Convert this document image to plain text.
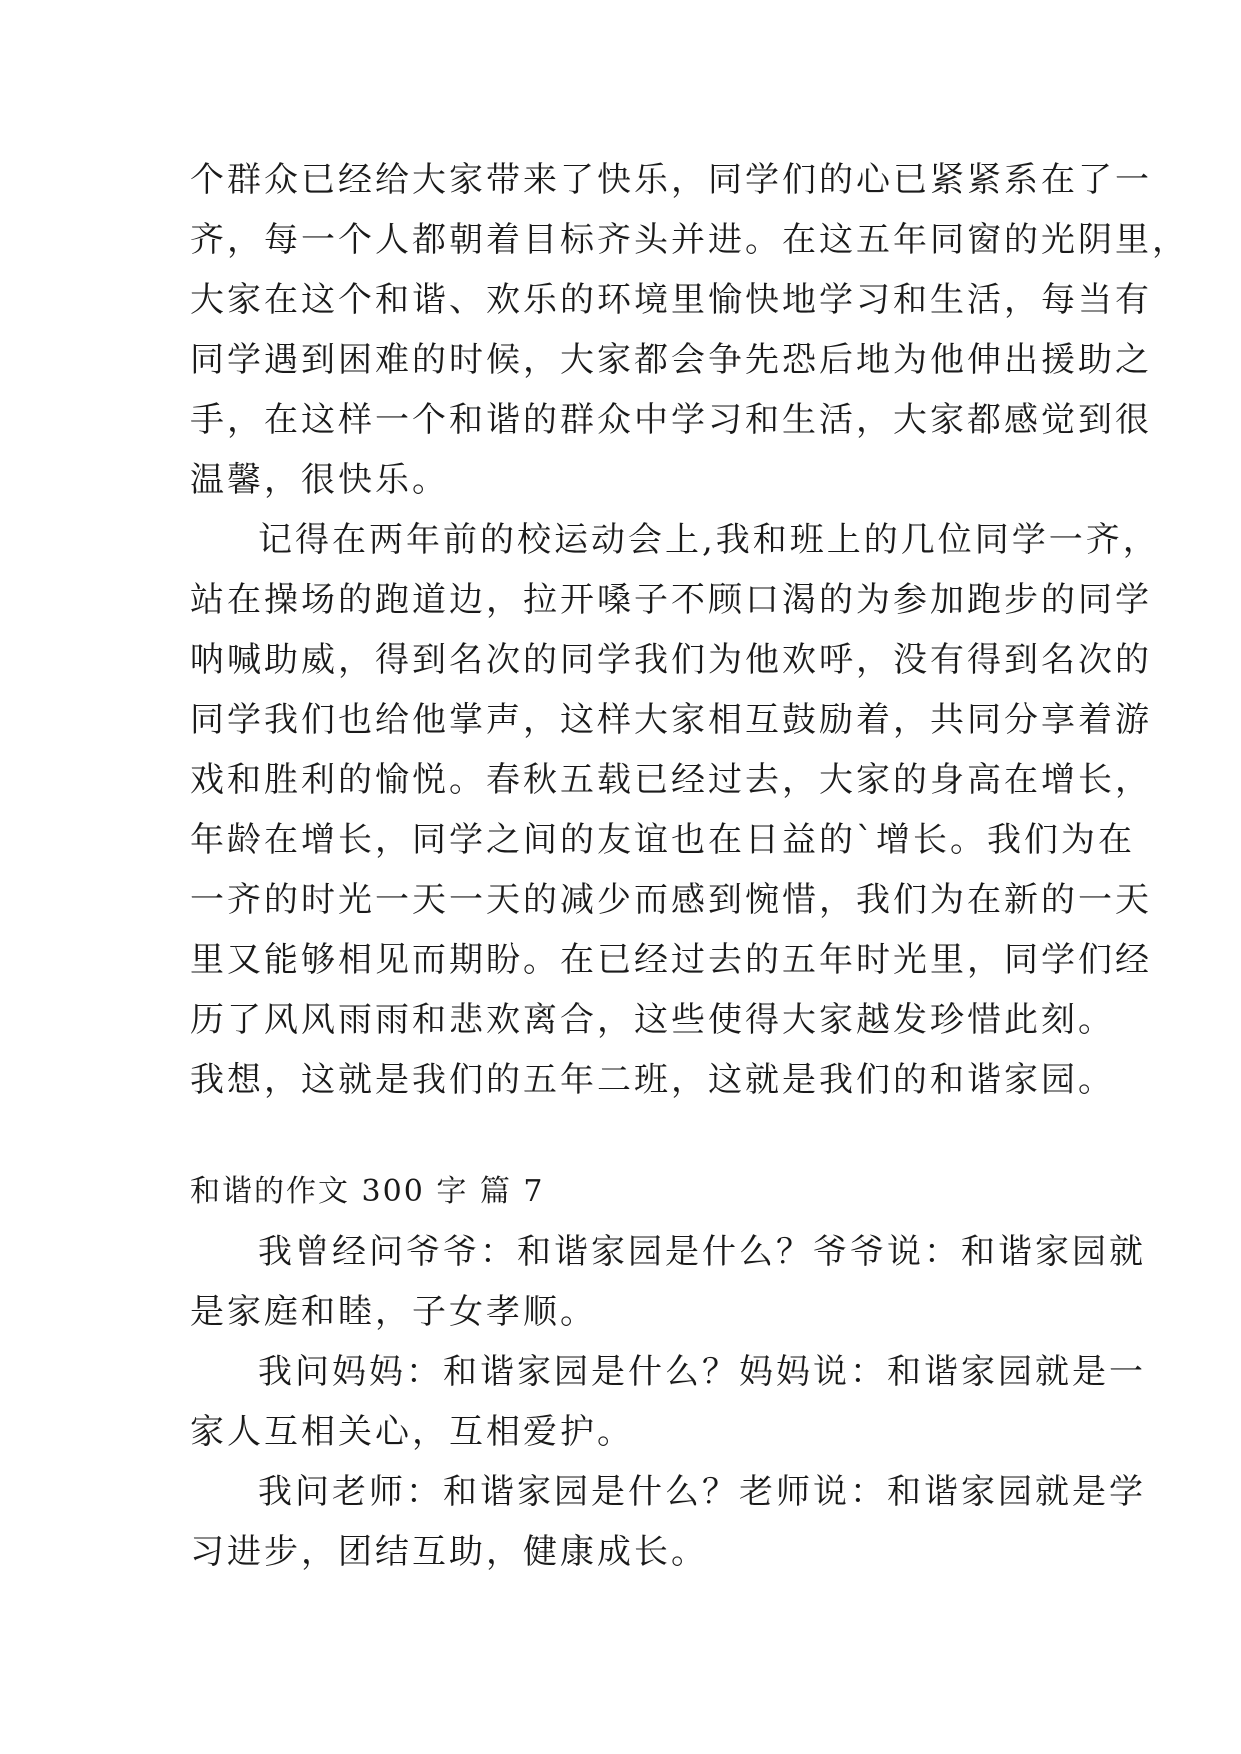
个群众已经给大家带来了快乐，同学们的心已紧紧系在了一
齐，每一个人都朝着目标齐头并进。在这五年同窗的光阴里，
大家在这个和谐、欢乐的环境里愉快地学习和生活，每当有
同学遇到困难的时候，大家都会争先恐后地为他伸出援助之
手，在这样一个和谐的群众中学习和生活，大家都感觉到很
温馨，很快乐。
记得在两年前的校运动会上,我和班上的几位同学一齐，
站在操场的跑道边，拉开嗓子不顾口渴的为参加跑步的同学
呐喊助威，得到名次的同学我们为他欢呼，没有得到名次的
同学我们也给他掌声，这样大家相互鼓励着，共同分享着游
戏和胜利的愉悦。春秋五载已经过去，大家的身高在增长，
年龄在增长，同学之间的友谊也在日益的`增长。我们为在
一齐的时光一天一天的减少而感到惋惜，我们为在新的一天
里又能够相见而期盼。在已经过去的五年时光里，同学们经
历了风风雨雨和悲欢离合，这些使得大家越发珍惜此刻。
我想，这就是我们的五年二班，这就是我们的和谐家园。
和谐的作文 300 字 篇 7
我曾经问爷爷：和谐家园是什么？爷爷说：和谐家园就
是家庭和睦，子女孝顺。
我问妈妈：和谐家园是什么？妈妈说：和谐家园就是一
家人互相关心，互相爱护。
我问老师：和谐家园是什么？老师说：和谐家园就是学
习进步，团结互助，健康成长。
